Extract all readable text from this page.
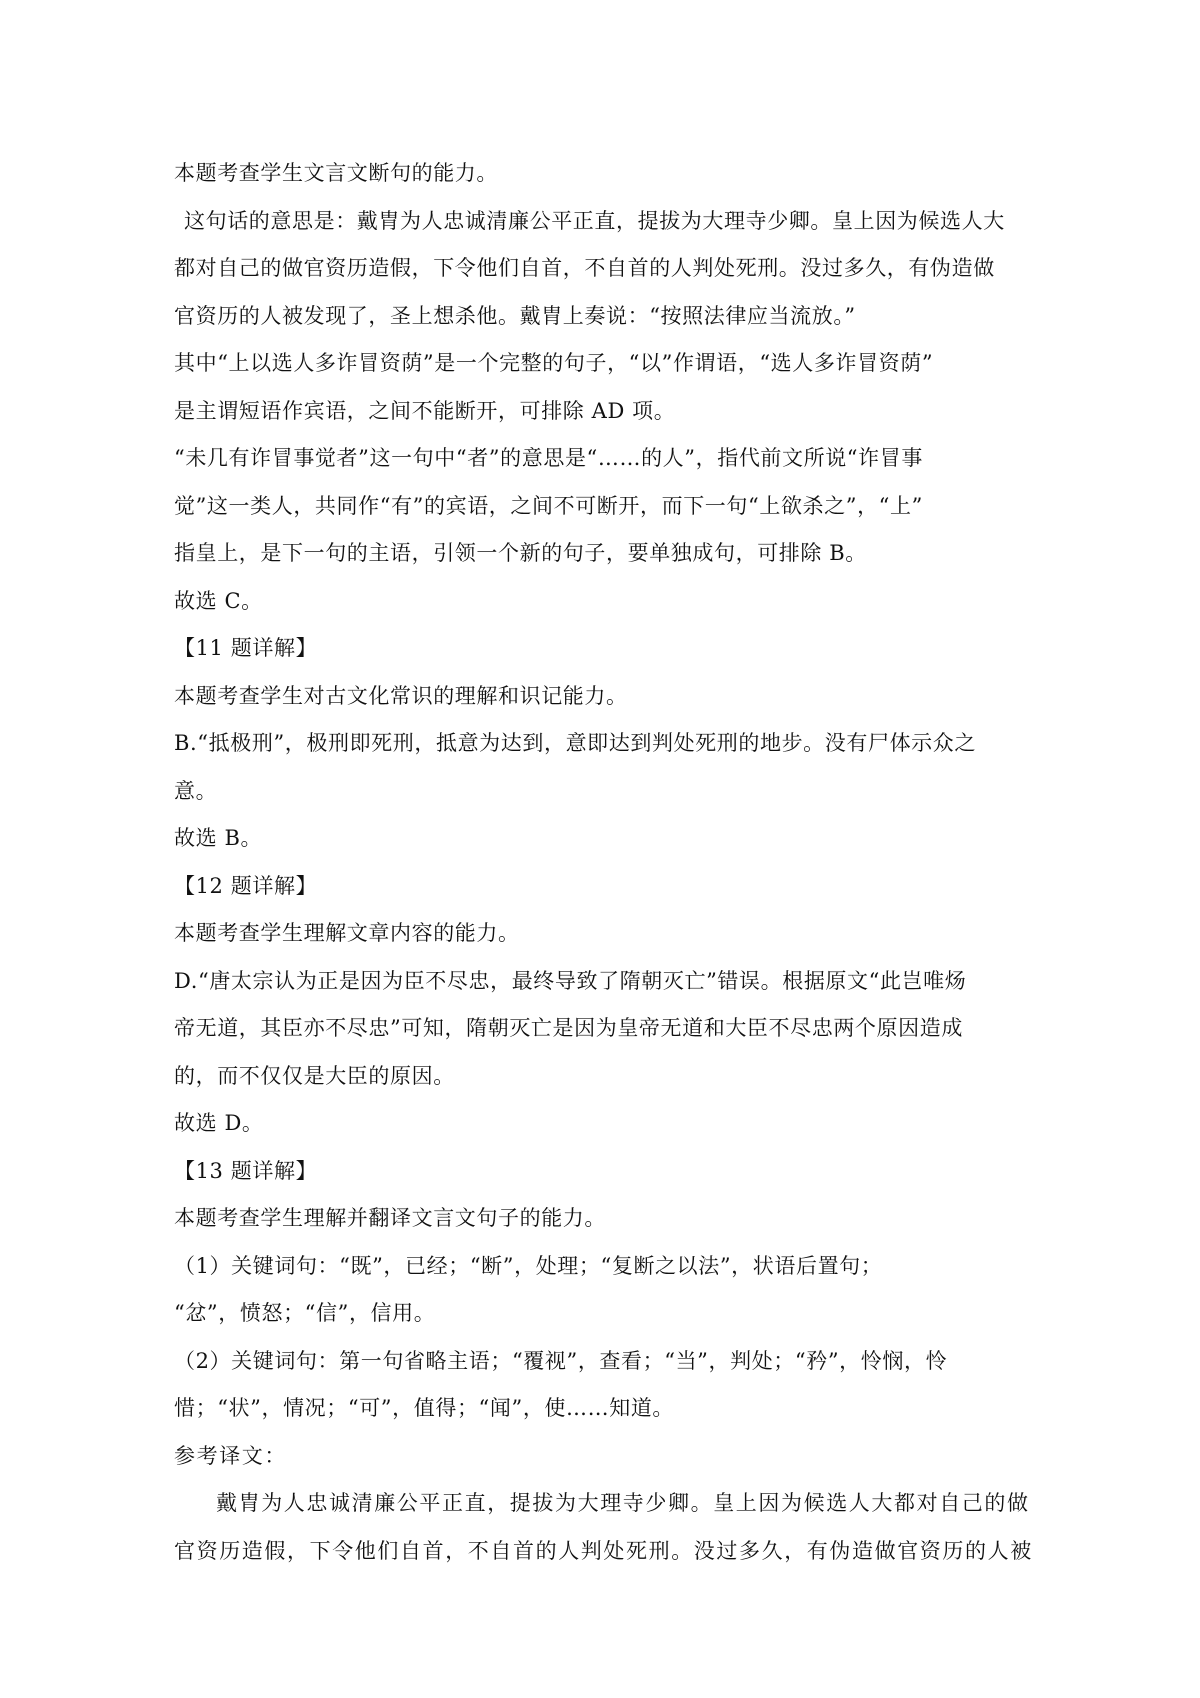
本题考查学生文言文断句的能力。
这句话的意思是：戴胄为人忠诚清廉公平正直，提拔为大理寺少卿。皇上因为候选人大
都对自己的做官资历造假，下令他们自首，不自首的人判处死刑。没过多久，有伪造做
官资历的人被发现了，圣上想杀他。戴胄上奏说：“按照法律应当流放。”
其中“上以选人多诈冒资荫”是一个完整的句子，“以”作谓语，“选人多诈冒资荫”
是主谓短语作宾语，之间不能断开，可排除 AD 项。
“未几有诈冒事觉者”这一句中“者”的意思是“……的人”，指代前文所说“诈冒事
觉”这一类人，共同作“有”的宾语，之间不可断开，而下一句“上欲杀之”，“上”
指皇上，是下一句的主语，引领一个新的句子，要单独成句，可排除 B。
故选 C。
【11 题详解】
本题考查学生对古文化常识的理解和识记能力。
B.“抵极刑”，极刑即死刑，抵意为达到，意即达到判处死刑的地步。没有尸体示众之
意。
故选 B。
【12 题详解】
本题考查学生理解文章内容的能力。
D.“唐太宗认为正是因为臣不尽忠，最终导致了隋朝灭亡”错误。根据原文“此岂唯炀
帝无道，其臣亦不尽忠”可知，隋朝灭亡是因为皇帝无道和大臣不尽忠两个原因造成
的，而不仅仅是大臣的原因。
故选 D。
【13 题详解】
本题考查学生理解并翻译文言文句子的能力。
（1）关键词句：“既”，已经；“断”，处理；“复断之以法”，状语后置句；
“忿”，愤怒；“信”，信用。
（2）关键词句：第一句省略主语；“覆视”，查看；“当”，判处；“矜”，怜悯，怜
惜；“状”，情况；“可”，值得；“闻”，使……知道。
参考译文：
戴胄为人忠诚清廉公平正直，提拔为大理寺少卿。皇上因为候选人大都对自己的做
官资历造假，下令他们自首，不自首的人判处死刑。没过多久，有伪造做官资历的人被
